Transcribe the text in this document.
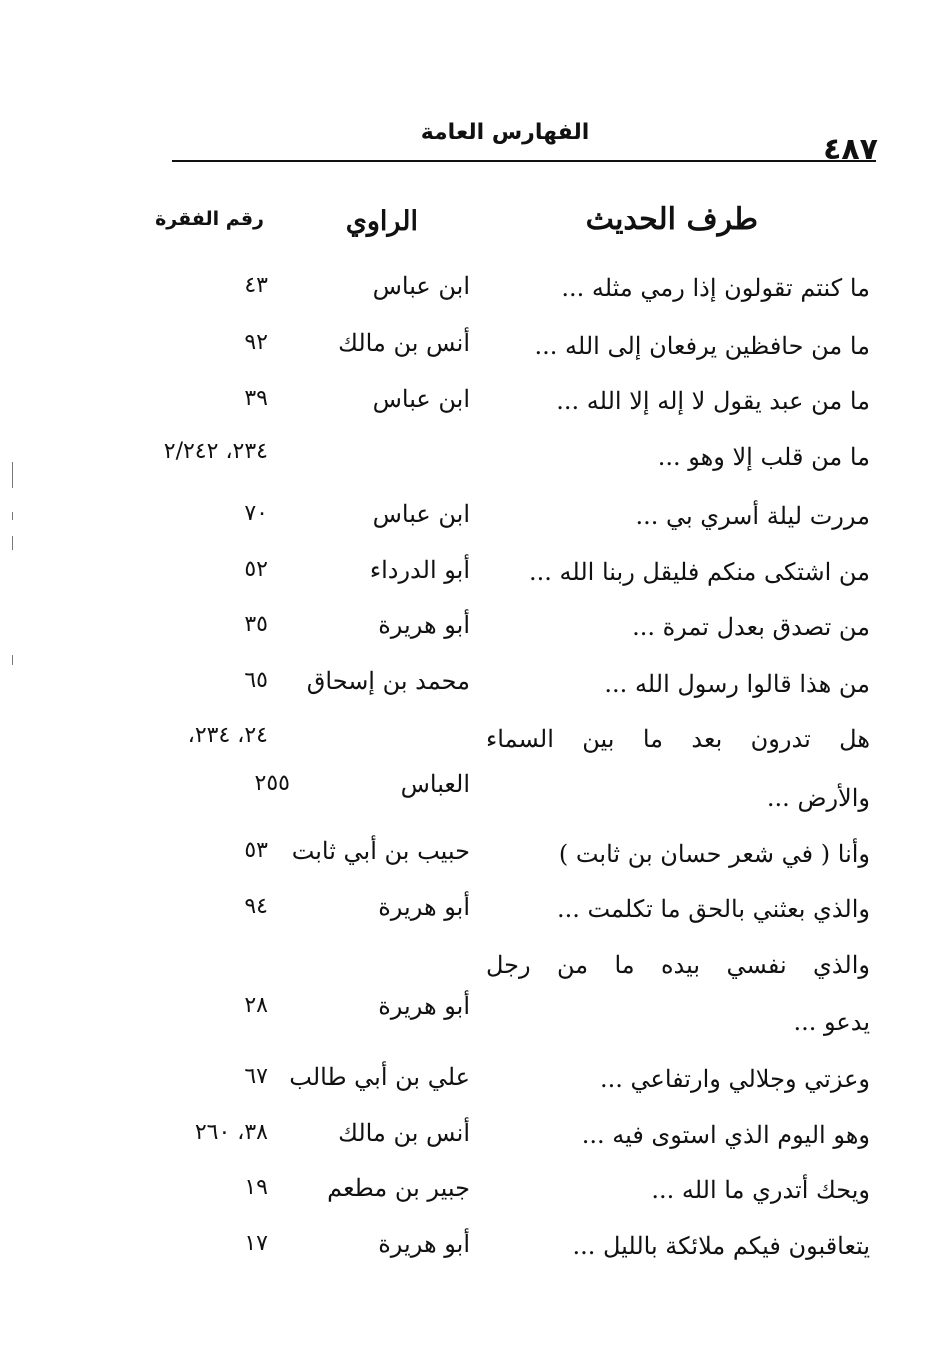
الفهارس العامة	٤٨٧
طرف الحديث
الراوي
رقم الفقرة
ما كنتم تقولون إذا رمي مثله ...
ابن عباس
٤٣
ما من حافظين يرفعان إلى الله ...
أنس بن مالك
٩٢
ما من عبد يقول لا إله إلا الله ...
ابن عباس
٣٩
ما من قلب إلا وهو ...
٢٣٤، ٢/٢٤٢
مررت ليلة أسري بي ...
ابن عباس
٧٠
من اشتكى منكم فليقل ربنا الله ...
أبو الدرداء
٥٢
من تصدق بعدل تمرة ...
أبو هريرة
٣٥
من هذا قالوا رسول الله ...
محمد بن إسحاق
٦٥
هل تدرون بعد ما بين السماء
٢٤، ٢٣٤،
والأرض ...
العباس
٢٥٥
وأنا ( في شعر حسان بن ثابت )
حبيب بن أبي ثابت
٥٣
والذي بعثني بالحق ما تكلمت ...
أبو هريرة
٩٤
والذي نفسي بيده ما من رجل
أبو هريرة
٢٨
يدعو ...
وعزتي وجلالي وارتفاعي ...
علي بن أبي طالب
٦٧
وهو اليوم الذي استوى فيه ...
أنس بن مالك
٣٨، ٢٦٠
ويحك أتدري ما الله ...
جبير بن مطعم
١٩
يتعاقبون فيكم ملائكة بالليل ...
أبو هريرة
١٧
